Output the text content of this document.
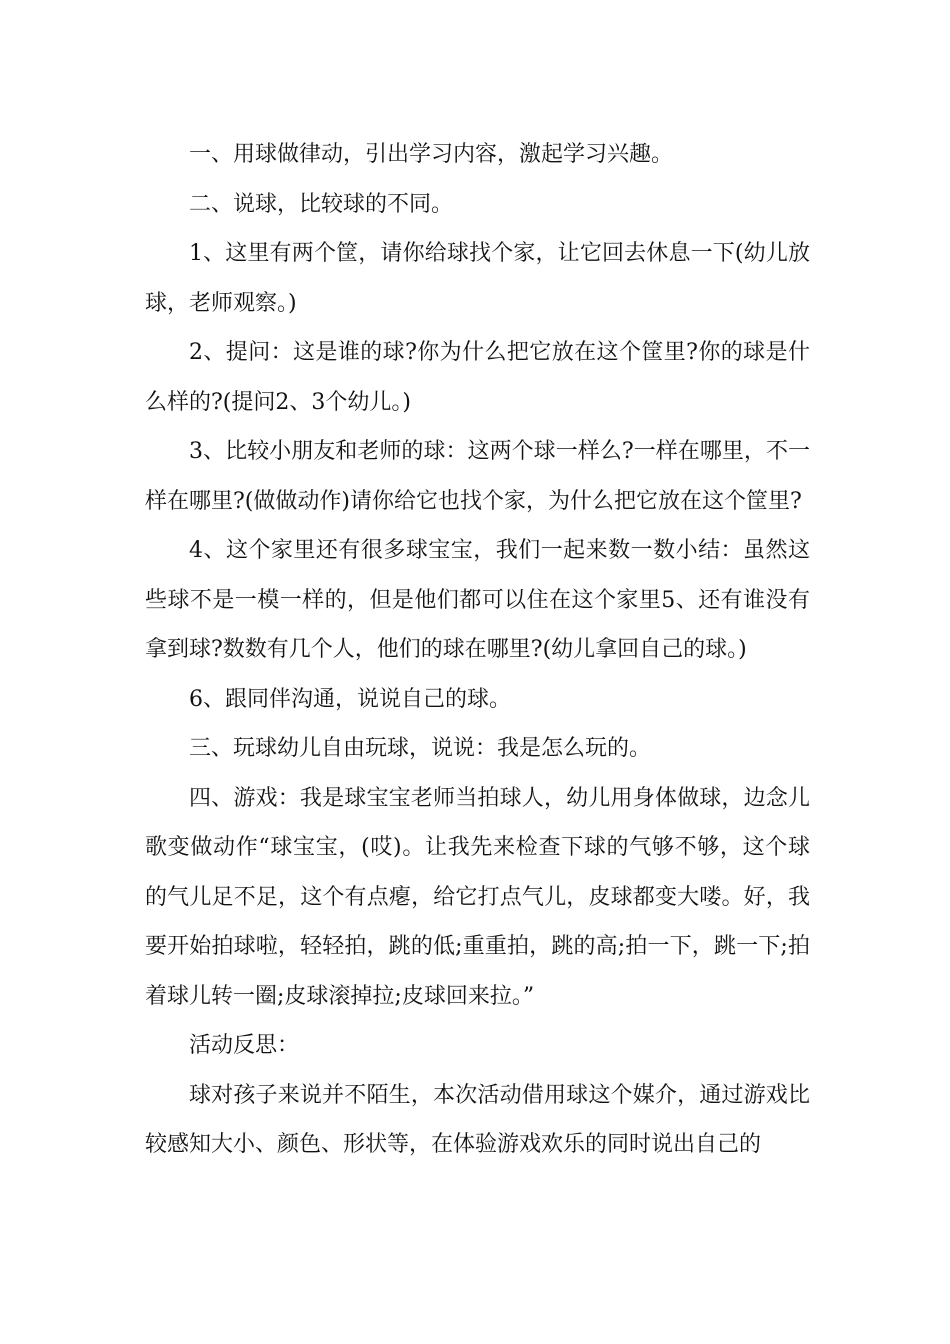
一、用球做律动，引出学习内容，激起学习兴趣。

二、说球，比较球的不同。

1、这里有两个筐，请你给球找个家，让它回去休息一下(幼儿放球，老师观察。)

2、提问：这是谁的球?你为什么把它放在这个筐里?你的球是什么样的?(提问2、3个幼儿。)

3、比较小朋友和老师的球：这两个球一样么?一样在哪里，不一样在哪里?(做做动作)请你给它也找个家，为什么把它放在这个筐里?

4、这个家里还有很多球宝宝，我们一起来数一数小结：虽然这些球不是一模一样的，但是他们都可以住在这个家里5、还有谁没有拿到球?数数有几个人，他们的球在哪里?(幼儿拿回自己的球。)

6、跟同伴沟通，说说自己的球。

三、玩球幼儿自由玩球，说说：我是怎么玩的。

四、游戏：我是球宝宝老师当拍球人，幼儿用身体做球，边念儿歌变做动作“球宝宝，(哎)。让我先来检查下球的气够不够，这个球的气儿足不足，这个有点瘪，给它打点气儿，皮球都变大喽。好，我要开始拍球啦，轻轻拍，跳的低;重重拍，跳的高;拍一下，跳一下;拍着球儿转一圈;皮球滚掉拉;皮球回来拉。”

活动反思：

球对孩子来说并不陌生，本次活动借用球这个媒介，通过游戏比较感知大小、颜色、形状等，在体验游戏欢乐的同时说出自己的
